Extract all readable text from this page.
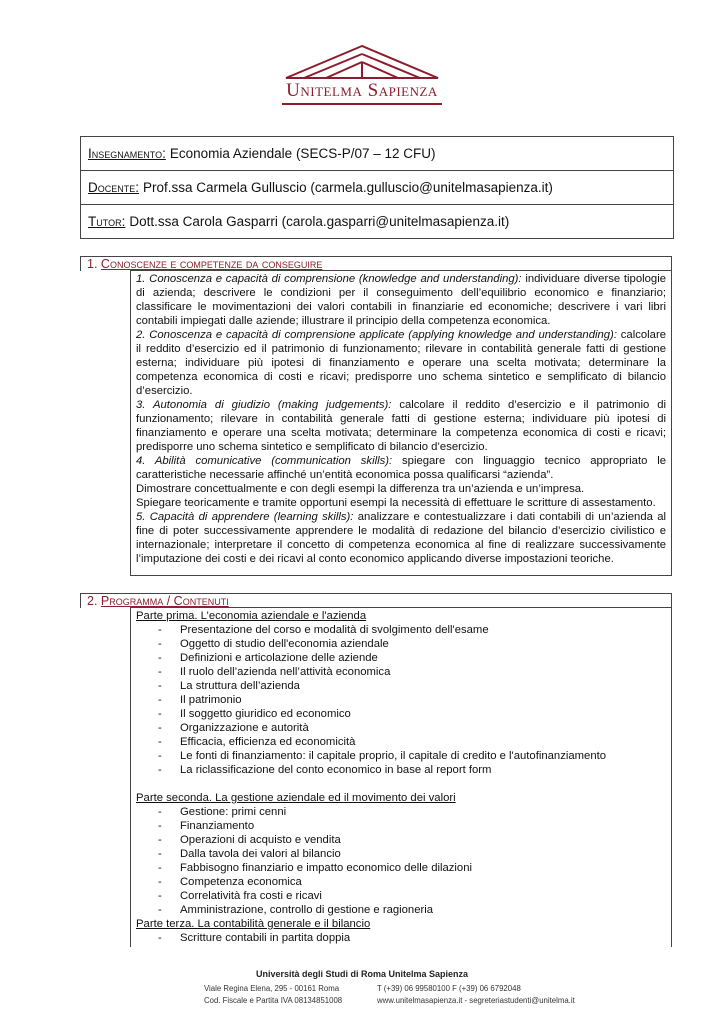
Unitelma Sapienza
Insegnamento: Economia Aziendale (SECS-P/07 – 12 CFU)
Docente: Prof.ssa Carmela Gulluscio (carmela.gulluscio@unitelmasapienza.it)
Tutor: Dott.ssa Carola Gasparri (carola.gasparri@unitelmasapienza.it)
1. Conoscenze e competenze da conseguire

1. Conoscenza e capacità di comprensione (knowledge and understanding): individuare diverse tipologie di azienda; descrivere le condizioni per il conseguimento dell’equilibrio economico e finanziario; classificare le movimentazioni dei valori contabili in finanziarie ed economiche; descrivere i vari libri contabili impiegati dalle aziende; illustrare il principio della competenza economica.

2. Conoscenza e capacità di comprensione applicate (applying knowledge and understanding): calcolare il reddito d’esercizio ed il patrimonio di funzionamento; rilevare in contabilità generale fatti di gestione esterna; individuare più ipotesi di finanziamento e operare una scelta motivata; determinare la competenza economica di costi e ricavi; predisporre uno schema sintetico e semplificato di bilancio d’esercizio.

3. Autonomia di giudizio (making judgements): calcolare il reddito d’esercizio e il patrimonio di funzionamento; rilevare in contabilità generale fatti di gestione esterna; individuare più ipotesi di finanziamento e operare una scelta motivata; determinare la competenza economica di costi e ricavi; predisporre uno schema sintetico e semplificato di bilancio d’esercizio.

4. Abilità comunicative (communication skills): spiegare con linguaggio tecnico appropriato le caratteristiche necessarie affinché un’entità economica possa qualificarsi “azienda”.

Dimostrare concettualmente e con degli esempi la differenza tra un’azienda e un’impresa.

Spiegare teoricamente e tramite opportuni esempi la necessità di effettuare le scritture di assestamento.

5. Capacità di apprendere (learning skills): analizzare e contestualizzare i dati contabili di un’azienda al fine di poter successivamente apprendere le modalità di redazione del bilancio d’esercizio civilistico e internazionale; interpretare il concetto di competenza economica al fine di realizzare successivamente l’imputazione dei costi e dei ricavi al conto economico applicando diverse impostazioni teoriche.

2. Programma / Contenuti

Parte prima. L’economia aziendale e l'azienda

- Presentazione del corso e modalità di svolgimento dell'esame
- Oggetto di studio dell'economia aziendale
- Definizioni e articolazione delle aziende
- Il ruolo dell’azienda nell’attività economica
- La struttura dell’azienda
- Il patrimonio
- Il soggetto giuridico ed economico
- Organizzazione e autorità
- Efficacia, efficienza ed economicità
- Le fonti di finanziamento: il capitale proprio, il capitale di credito e l'autofinanziamento
- La riclassificazione del conto economico in base al report form

Parte seconda. La gestione aziendale ed il movimento dei valori

- Gestione: primi cenni
- Finanziamento
- Operazioni di acquisto e vendita
- Dalla tavola dei valori al bilancio
- Fabbisogno finanziario e impatto economico delle dilazioni
- Competenza economica
- Correlatività fra costi e ricavi
- Amministrazione, controllo di gestione e ragioneria

Parte terza. La contabilità generale e il bilancio

- Scritture contabili in partita doppia
Università degli Studi di Roma Unitelma Sapienza
Viale Regina Elena, 295 - 00161 Roma
Cod. Fiscale e Partita IVA 08134851008
T (+39) 06 99580100 F (+39) 06 6792048
www.unitelmasapienza.it - segreteriastudenti@unitelma.it
